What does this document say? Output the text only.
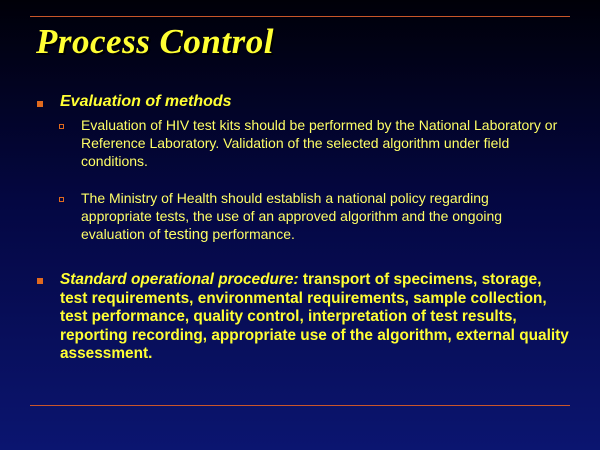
Process Control
Evaluation of methods
Evaluation of HIV test kits should be performed by the National Laboratory or Reference Laboratory. Validation of the selected algorithm under field conditions.
The Ministry of Health should establish a national policy regarding appropriate tests, the use of an approved algorithm and the ongoing evaluation of testing performance.
Standard operational procedure: transport of specimens, storage, test requirements, environmental requirements, sample collection, test performance, quality control, interpretation of test results, reporting recording, appropriate use of the algorithm, external quality assessment.
